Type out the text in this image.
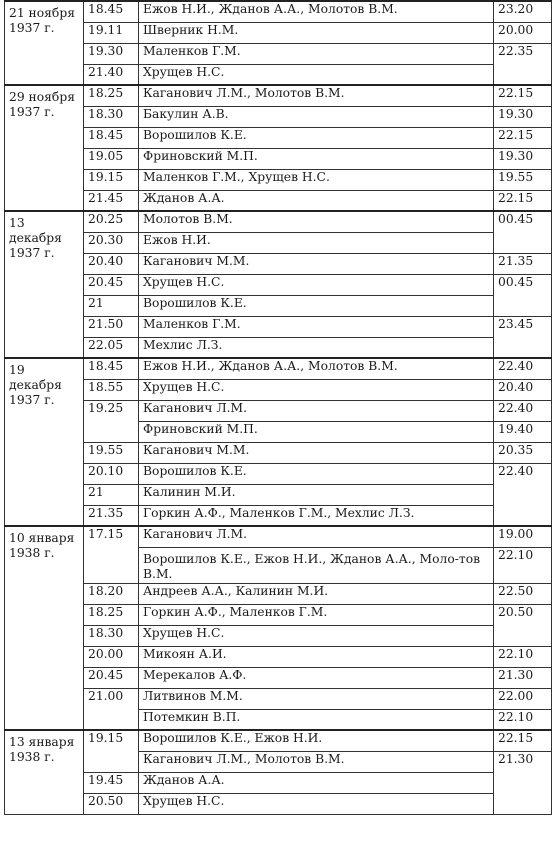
21 ноября
1937 г.	18.45	Ежов Н.И., Жданов А.А., Молотов В.М.	23.20
	19.11	Шверник Н.М.	20.00
	19.30	Маленков Г.М.	22.35
	21.40	Хрущев Н.С.	
29 ноября
1937 г.	18.25	Каганович Л.М., Молотов В.М.	22.15
	18.30	Бакулин А.В.	19.30
	18.45	Ворошилов К.Е.	22.15
	19.05	Фриновский М.П.	19.30
	19.15	Маленков Г.М., Хрущев Н.С.	19.55
	21.45	Жданов А.А.	22.15
13 декабря
1937 г.	20.25	Молотов В.М.	00.45
	20.30	Ежов Н.И.	
	20.40	Каганович М.М.	21.35
	20.45	Хрущев Н.С.	00.45
	21	Ворошилов К.Е.	
	21.50	Маленков Г.М.	23.45
	22.05	Мехлис Л.З.	
19 декабря
1937 г.	18.45	Ежов Н.И., Жданов А.А., Молотов В.М.	22.40
	18.55	Хрущев Н.С.	20.40
	19.25	Каганович Л.М.	22.40
		Фриновский М.П.	19.40
	19.55	Каганович М.М.	20.35
	20.10	Ворошилов К.Е.	22.40
	21	Калинин М.И.	
	21.35	Горкин А.Ф., Маленков Г.М., Мехлис Л.З.	
10 января
1938 г.	17.15	Каганович Л.М.	19.00
		Ворошилов К.Е., Ежов Н.И., Жданов А.А., Моло-тов В.М.	22.10
	18.20	Андреев А.А., Калинин М.И.	22.50
	18.25	Горкин А.Ф., Маленков Г.М.	20.50
	18.30	Хрущев Н.С.	
	20.00	Микоян А.И.	22.10
	20.45	Мерекалов А.Ф.	21.30
	21.00	Литвинов М.М.	22.00
		Потемкин В.П.	22.10
13 января
1938 г.	19.15	Ворошилов К.Е., Ежов Н.И.	22.15
		Каганович Л.М., Молотов В.М.	21.30
	19.45	Жданов А.А.	
	20.50	Хрущев Н.С.	
